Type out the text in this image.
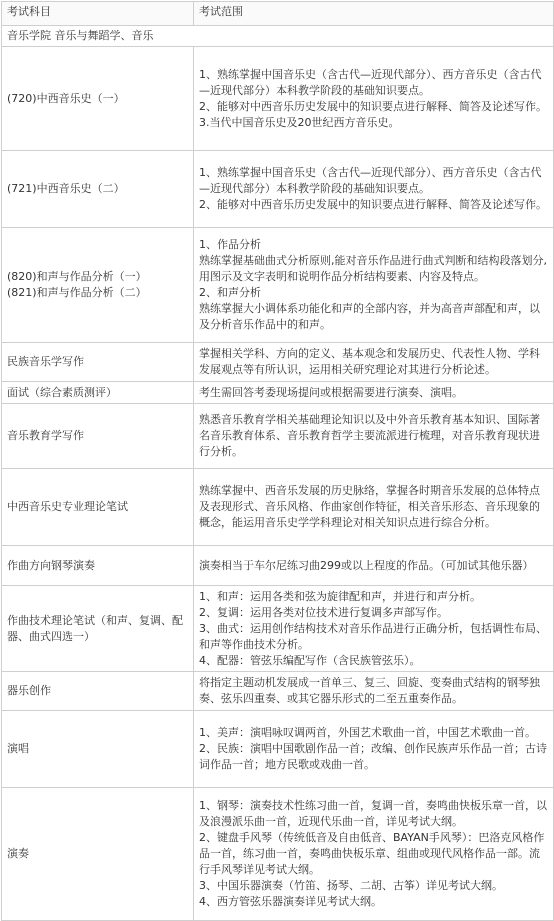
考试科目	考试范围
音乐学院 音乐与舞蹈学、音乐	

(720)中西音乐史（一）	1、熟练掌握中国音乐史（含古代—近现代部分）、西方音乐史（含古代—近现代部分）本科教学阶段的基础知识要点。
2、能够对中西音乐历史发展中的知识要点进行解释、简答及论述写作。
3.当代中国音乐史及20世纪西方音乐史。

(721)中西音乐史（二）	1、熟练掌握中国音乐史（含古代—近现代部分）、西方音乐史（含古代—近现代部分）本科教学阶段的基础知识要点。
2、能够对中西音乐历史发展中的知识要点进行解释、简答及论述写作。

(820)和声与作品分析（一）
(821)和声与作品分析（二）	1、作品分析
熟练掌握基础曲式分析原则,能对音乐作品进行曲式判断和结构段落划分,用图示及文字表明和说明作品分析结构要素、内容及特点。
2、和声分析
熟练掌握大小调体系功能化和声的全部内容，并为高音声部配和声，以及分析音乐作品中的和声。

民族音乐学写作	掌握相关学科、方向的定义、基本观念和发展历史、代表性人物、学科发展观点等有所认识，运用相关研究理论对其进行分析论述。

面试（综合素质测评）	考生需回答考委现场提问或根据需要进行演奏、演唱。

音乐教育学写作	熟悉音乐教育学相关基础理论知识以及中外音乐教育基本知识、国际著名音乐教育体系、音乐教育哲学主要流派进行梳理，对音乐教育现状进行分析。

中西音乐史专业理论笔试	熟练掌握中、西音乐发展的历史脉络，掌握各时期音乐发展的总体特点及表现形式、音乐风格、作曲家创作特征，相关音乐形态、音乐现象的概念，能运用音乐史学学科理论对相关知识点进行综合分析。

作曲方向钢琴演奏	演奏相当于车尔尼练习曲299或以上程度的作品。（可加试其他乐器）

作曲技术理论笔试（和声、复调、配器、曲式四选一）	1、和声：运用各类和弦为旋律配和声，并进行和声分析。
2、复调：运用各类对位技术进行复调多声部写作。
3、曲式：运用创作结构技术对音乐作品进行正确分析，包括调性布局、和声等作曲技术分析。
4、配器：管弦乐编配写作（含民族管弦乐）。

器乐创作	将指定主题动机发展成一首单三、复三、回旋、变奏曲式结构的钢琴独奏、弦乐四重奏、或其它器乐形式的二至五重奏作品。

演唱	1、美声：演唱咏叹调两首，外国艺术歌曲一首，中国艺术歌曲一首。
2、民族：演唱中国歌剧作品一首；改编、创作民族声乐作品一首；古诗词作品一首；地方民歌或戏曲一首。

演奏	1、钢琴：演奏技术性练习曲一首，复调一首，奏鸣曲快板乐章一首，以及浪漫派乐曲一首，近现代乐曲一首，详见考试大纲。
2、键盘手风琴（传统低音及自由低音、BAYAN手风琴）：巴洛克风格作品一首，练习曲一首，奏鸣曲快板乐章、组曲或现代风格作品一部。流行手风琴详见考试大纲。
3、中国乐器演奏（竹笛、扬琴、二胡、古筝）详见考试大纲。
4、西方管弦乐器演奏详见考试大纲。
